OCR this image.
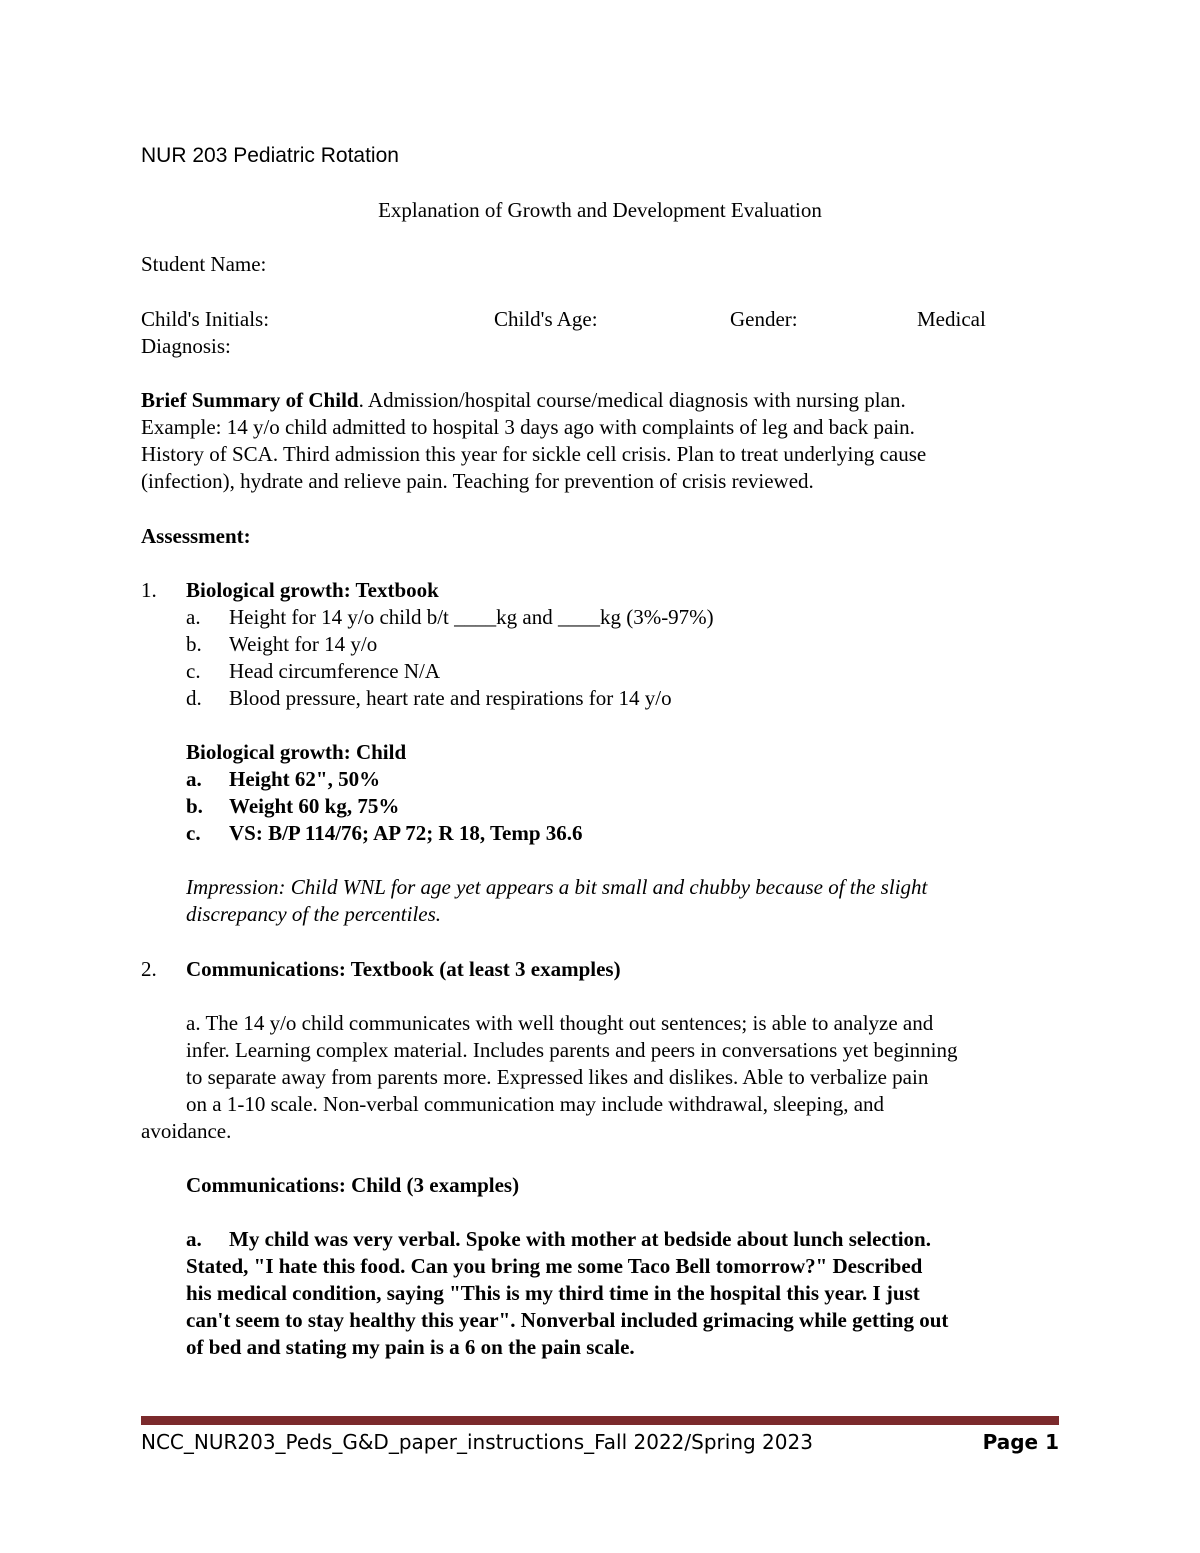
NUR 203 Pediatric Rotation
Explanation of Growth and Development Evaluation
Student Name:
Child's Initials:	Child's Age:	Gender:	Medical
Diagnosis:
Brief Summary of Child. Admission/hospital course/medical diagnosis with nursing plan.
Example: 14 y/o child admitted to hospital 3 days ago with complaints of leg and back pain.
History of SCA. Third admission this year for sickle cell crisis. Plan to treat underlying cause
(infection), hydrate and relieve pain. Teaching for prevention of crisis reviewed.
Assessment:
1. Biological growth: Textbook
a. Height for 14 y/o child b/t ____kg and ____kg (3%-97%)
b. Weight for 14 y/o
c. Head circumference N/A
d. Blood pressure, heart rate and respirations for 14 y/o
Biological growth: Child
a. Height 62", 50%
b. Weight 60 kg, 75%
c. VS: B/P 114/76; AP 72; R 18, Temp 36.6
Impression: Child WNL for age yet appears a bit small and chubby because of the slight
discrepancy of the percentiles.
2. Communications: Textbook (at least 3 examples)
a. The 14 y/o child communicates with well thought out sentences; is able to analyze and
infer. Learning complex material. Includes parents and peers in conversations yet beginning
to separate away from parents more. Expressed likes and dislikes. Able to verbalize pain
on a 1-10 scale. Non-verbal communication may include withdrawal, sleeping, and
avoidance.
Communications: Child (3 examples)
a. My child was very verbal. Spoke with mother at bedside about lunch selection.
Stated, "I hate this food. Can you bring me some Taco Bell tomorrow?" Described
his medical condition, saying "This is my third time in the hospital this year. I just
can't seem to stay healthy this year". Nonverbal included grimacing while getting out
of bed and stating my pain is a 6 on the pain scale.
NCC_NUR203_Peds_G&D_paper_instructions_Fall 2022/Spring 2023	Page 1
